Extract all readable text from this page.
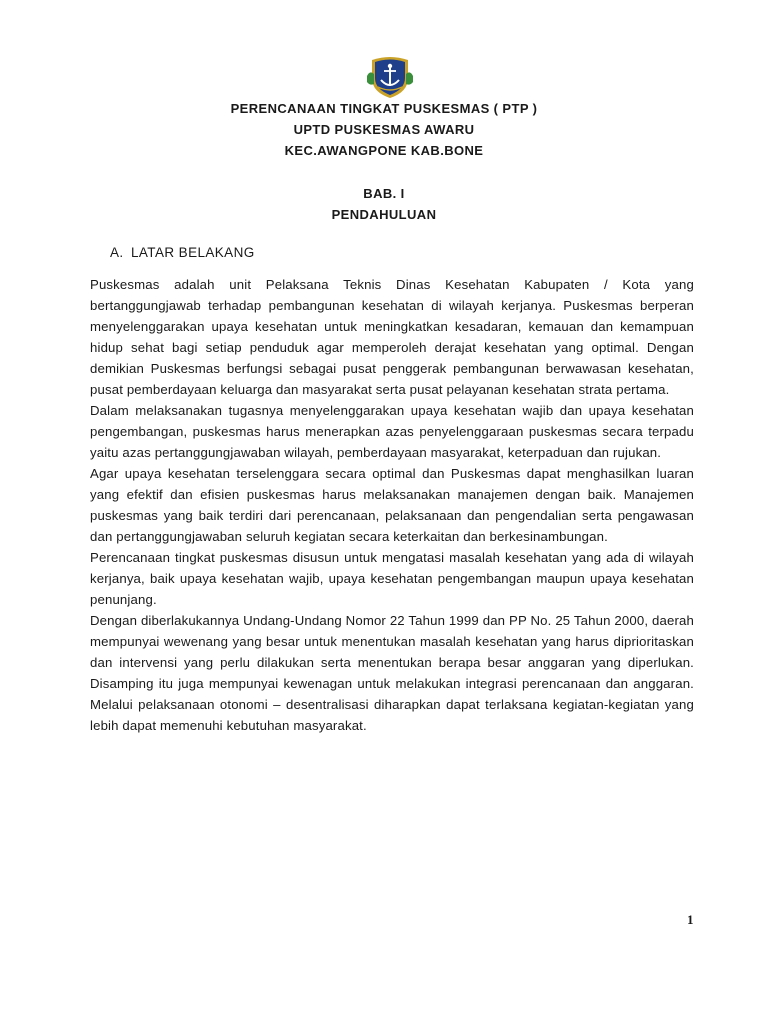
PERENCANAAN TINGKAT PUSKESMAS ( PTP )
UPTD PUSKESMAS AWARU
KEC.AWANGPONE KAB.BONE
BAB. I
PENDAHULUAN
A. LATAR BELAKANG

Puskesmas adalah unit Pelaksana Teknis Dinas Kesehatan Kabupaten / Kota yang bertanggungjawab terhadap pembangunan kesehatan di wilayah kerjanya. Puskesmas berperan menyelenggarakan upaya kesehatan untuk meningkatkan kesadaran, kemauan dan kemampuan hidup sehat bagi setiap penduduk agar memperoleh derajat kesehatan yang optimal. Dengan demikian Puskesmas berfungsi sebagai pusat penggerak pembangunan berwawasan kesehatan, pusat pemberdayaan keluarga dan masyarakat serta pusat pelayanan kesehatan strata pertama.

Dalam melaksanakan tugasnya menyelenggarakan upaya kesehatan wajib dan upaya kesehatan pengembangan, puskesmas harus menerapkan azas penyelenggaraan puskesmas secara terpadu yaitu azas pertanggungjawaban wilayah, pemberdayaan masyarakat, keterpaduan dan rujukan.

Agar upaya kesehatan terselenggara secara optimal dan Puskesmas dapat menghasilkan luaran yang efektif dan efisien puskesmas harus melaksanakan manajemen dengan baik. Manajemen puskesmas yang baik terdiri dari perencanaan, pelaksanaan dan pengendalian serta pengawasan dan pertanggungjawaban seluruh kegiatan secara keterkaitan dan berkesinambungan.

Perencanaan tingkat puskesmas disusun untuk mengatasi masalah kesehatan yang ada di wilayah kerjanya, baik upaya kesehatan wajib, upaya kesehatan pengembangan maupun upaya kesehatan penunjang.

Dengan diberlakukannya Undang-Undang Nomor 22 Tahun 1999 dan PP No. 25 Tahun 2000, daerah mempunyai wewenang yang besar untuk menentukan masalah kesehatan yang harus diprioritaskan dan intervensi yang perlu dilakukan serta menentukan berapa besar anggaran yang diperlukan. Disamping itu juga mempunyai kewenagan untuk melakukan integrasi perencanaan dan anggaran. Melalui pelaksanaan otonomi – desentralisasi diharapkan dapat terlaksana kegiatan-kegiatan yang lebih dapat memenuhi kebutuhan masyarakat.

1
